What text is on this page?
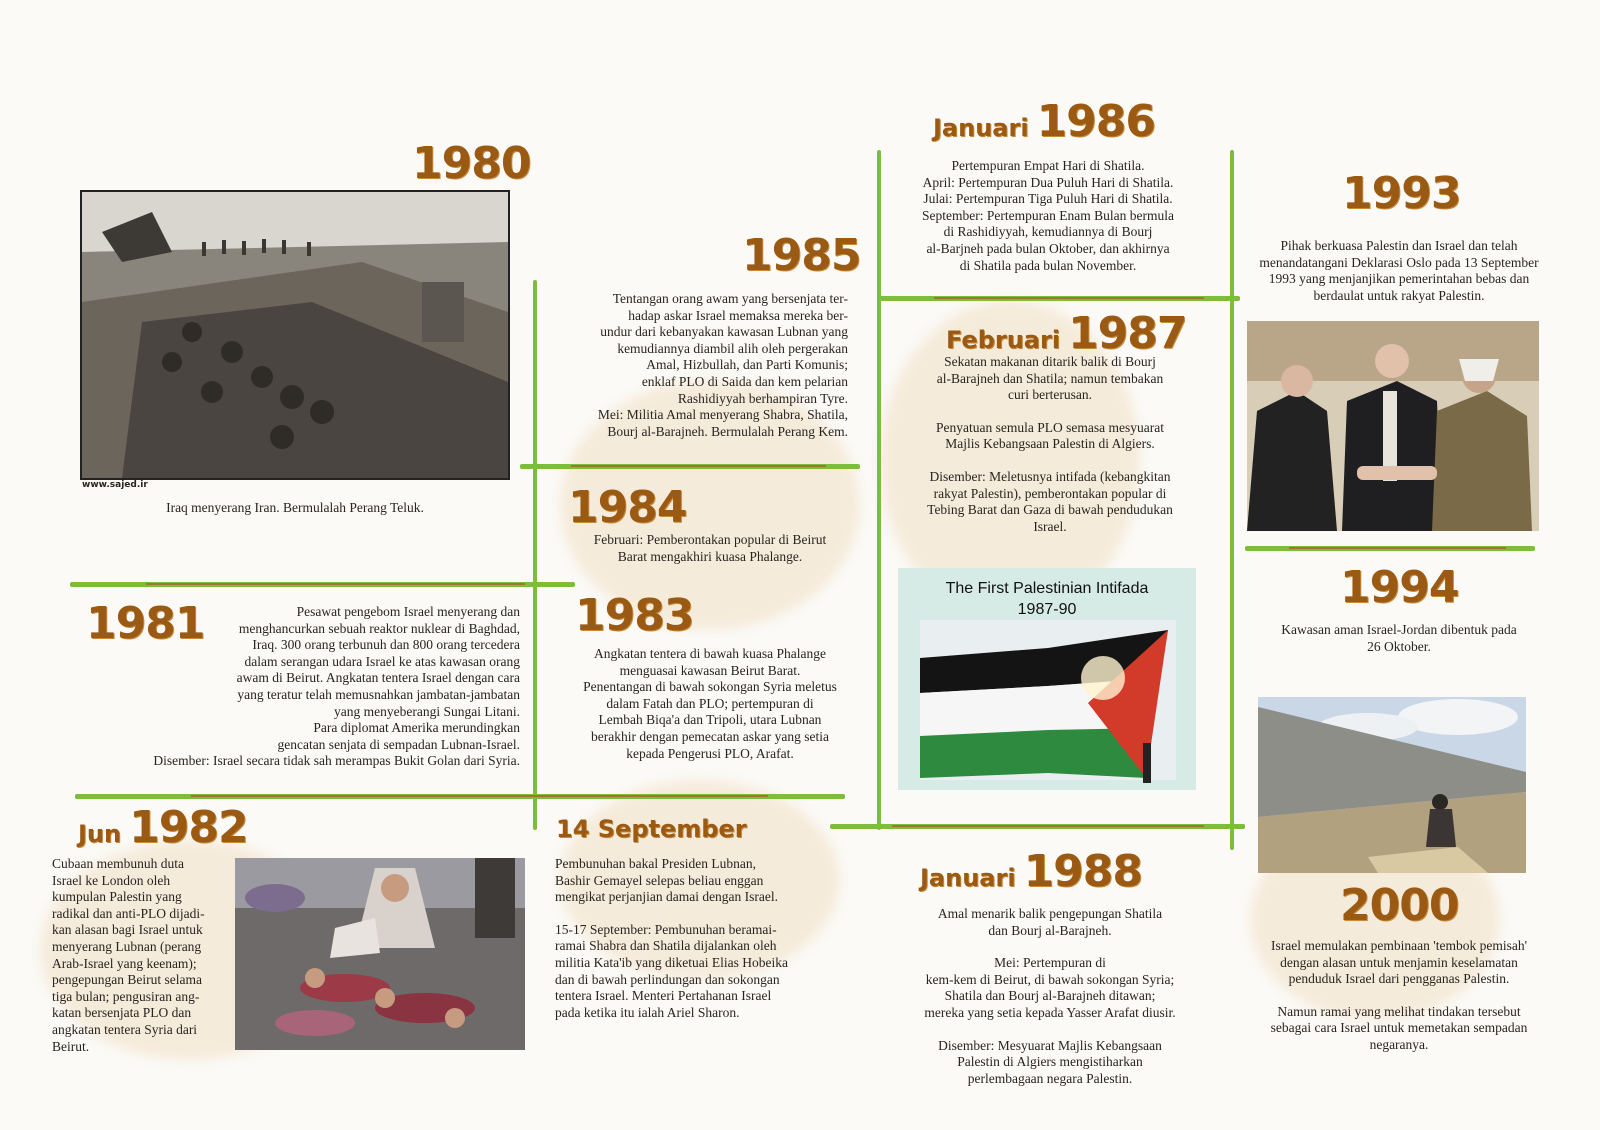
1980
www.sajed.ir
Iraq menyerang Iran. Bermulalah Perang Teluk.
1985
Tentangan orang awam yang bersenjata ter-
hadap askar Israel memaksa mereka ber-
undur dari kebanyakan kawasan Lubnan yang
kemudiannya diambil alih oleh pergerakan
Amal, Hizbullah, dan Parti Komunis;
enklaf PLO di Saida dan kem pelarian
Rashidiyyah berhampiran Tyre.
Mei: Militia Amal menyerang Shabra, Shatila,
Bourj al-Barajneh. Bermulalah Perang Kem.
Januari 1986
Pertempuran Empat Hari di Shatila.
April: Pertempuran Dua Puluh Hari di Shatila.
Julai: Pertempuran Tiga Puluh Hari di Shatila.
September: Pertempuran Enam Bulan bermula
di Rashidiyyah, kemudiannya di Bourj
al-Barjneh pada bulan Oktober, dan akhirnya
di Shatila pada bulan November.
1993
Pihak berkuasa Palestin dan Israel dan telah
menandatangani Deklarasi Oslo pada 13 September
1993 yang menjanjikan pemerintahan bebas dan
berdaulat untuk rakyat Palestin.
Februari 1987

Sekatan makanan ditarik balik di Bourj
al-Barajneh dan Shatila; namun tembakan
curi berterusan.

Penyatuan semula PLO semasa mesyuarat
Majlis Kebangsaan Palestin di Algiers.

Disember: Meletusnya intifada (kebangkitan
rakyat Palestin), pemberontakan popular di
Tebing Barat dan Gaza di bawah pendudukan
Israel.

1984
Februari: Pemberontakan popular di Beirut
Barat mengakhiri kuasa Phalange.
The First Palestinian Intifada
1987-90	1994
Kawasan aman Israel-Jordan dibentuk pada
26 Oktober.
1981	Pesawat pengebom Israel menyerang dan
menghancurkan sebuah reaktor nuklear di Baghdad,
Iraq. 300 orang terbunuh dan 800 orang tercedera
dalam serangan udara Israel ke atas kawasan orang
awam di Beirut. Angkatan tentera Israel dengan cara
yang teratur telah memusnahkan jambatan-jambatan
yang menyeberangi Sungai Litani.
Para diplomat Amerika merundingkan
gencatan senjata di sempadan Lubnan-Israel.
Disember: Israel secara tidak sah merampas Bukit Golan dari Syria.
1983
Angkatan tentera di bawah kuasa Phalange
menguasai kawasan Beirut Barat.
Penentangan di bawah sokongan Syria meletus
dalam Fatah dan PLO; pertempuran di
Lembah Biqa'a dan Tripoli, utara Lubnan
berakhir dengan pemecatan askar yang setia
kepada Pengerusi PLO, Arafat.
Jun 1982
Cubaan membunuh duta
Israel ke London oleh
kumpulan Palestin yang
radikal dan anti-PLO dijadi-
kan alasan bagi Israel untuk
menyerang Lubnan (perang
Arab-Israel yang keenam);
pengepungan Beirut selama
tiga bulan; pengusiran ang-
katan bersenjata PLO dan
angkatan tentera Syria dari
Beirut.
14 September

Pembunuhan bakal Presiden Lubnan,
Bashir Gemayel selepas beliau enggan
mengikat perjanjian damai dengan Israel.

15-17 September: Pembunuhan beramai-
ramai Shabra dan Shatila dijalankan oleh
militia Kata'ib yang diketuai Elias Hobeika
dan di bawah perlindungan dan sokongan
tentera Israel. Menteri Pertahanan Israel
pada ketika itu ialah Ariel Sharon.

Januari 1988

Amal menarik balik pengepungan Shatila
dan Bourj al-Barajneh.

Mei: Pertempuran di
kem-kem di Beirut, di bawah sokongan Syria;
Shatila dan Bourj al-Barajneh ditawan;
mereka yang setia kepada Yasser Arafat diusir.

Disember: Mesyuarat Majlis Kebangsaan
Palestin di Algiers mengistiharkan
perlembagaan negara Palestin.

2000

Israel memulakan pembinaan 'tembok pemisah'
dengan alasan untuk menjamin keselamatan
penduduk Israel dari pengganas Palestin.

Namun ramai yang melihat tindakan tersebut
sebagai cara Israel untuk memetakan sempadan
negaranya.
